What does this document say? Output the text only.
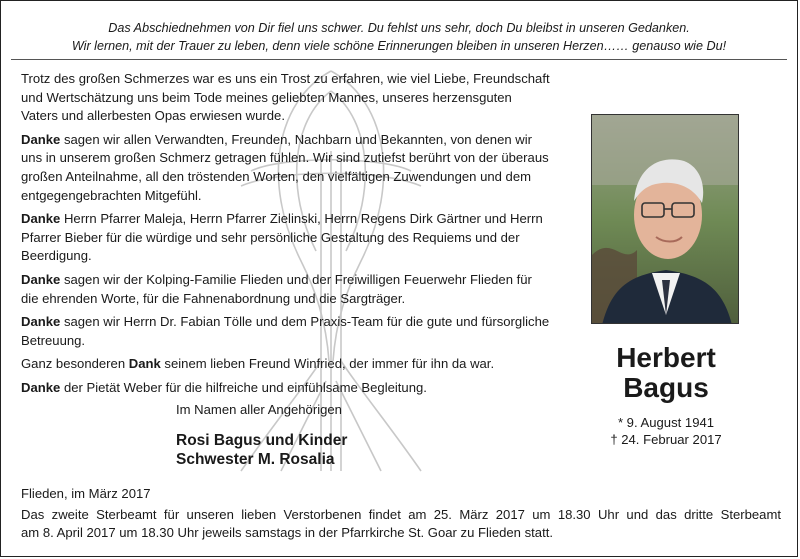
Das Abschiednehmen von Dir fiel uns schwer. Du fehlst uns sehr, doch Du bleibst in unseren Gedanken.
Wir lernen, mit der Trauer zu leben, denn viele schöne Erinnerungen bleiben in unseren Herzen…… genauso wie Du!

Trotz des großen Schmerzes war es uns ein Trost zu erfahren, wie viel Liebe, Freundschaft und Wertschätzung uns beim Tode meines geliebten Mannes, unseres herzensguten Vaters und allerbesten Opas erwiesen wurde.

Danke sagen wir allen Verwandten, Freunden, Nachbarn und Bekannten, von denen wir uns in unserem großen Schmerz getragen fühlen. Wir sind zutiefst berührt von der überaus großen Anteilnahme, all den tröstenden Worten, den vielfältigen Zuwendungen und dem entgegengebrachten Mitgefühl.

Danke Herrn Pfarrer Maleja, Herrn Pfarrer Zielinski, Herrn Regens Dirk Gärtner und Herrn Pfarrer Bieber für die würdige und sehr persönliche Gestaltung des Requiems und der Beerdigung.

Danke sagen wir der Kolping-Familie Flieden und der Freiwilligen Feuerwehr Flieden für die ehrenden Worte, für die Fahnenabordnung und die Sargträger.

Danke sagen wir Herrn Dr. Fabian Tölle und dem Praxis-Team für die gute und fürsorgliche Betreuung.

Ganz besonderen Dank seinem lieben Freund Winfried, der immer für ihn da war.

Danke der Pietät Weber für die hilfreiche und einfühlsame Begleitung.

Im Namen aller Angehörigen
Rosi Bagus und Kinder
Schwester M. Rosalia
Herbert
Bagus
* 9. August 1941
† 24. Februar 2017
Flieden, im März 2017
Das zweite Sterbeamt für unseren lieben Verstorbenen findet am 25. März 2017 um 18.30 Uhr und das dritte Sterbeamt
am 8. April 2017 um 18.30 Uhr jeweils samstags in der Pfarrkirche St. Goar zu Flieden statt.
